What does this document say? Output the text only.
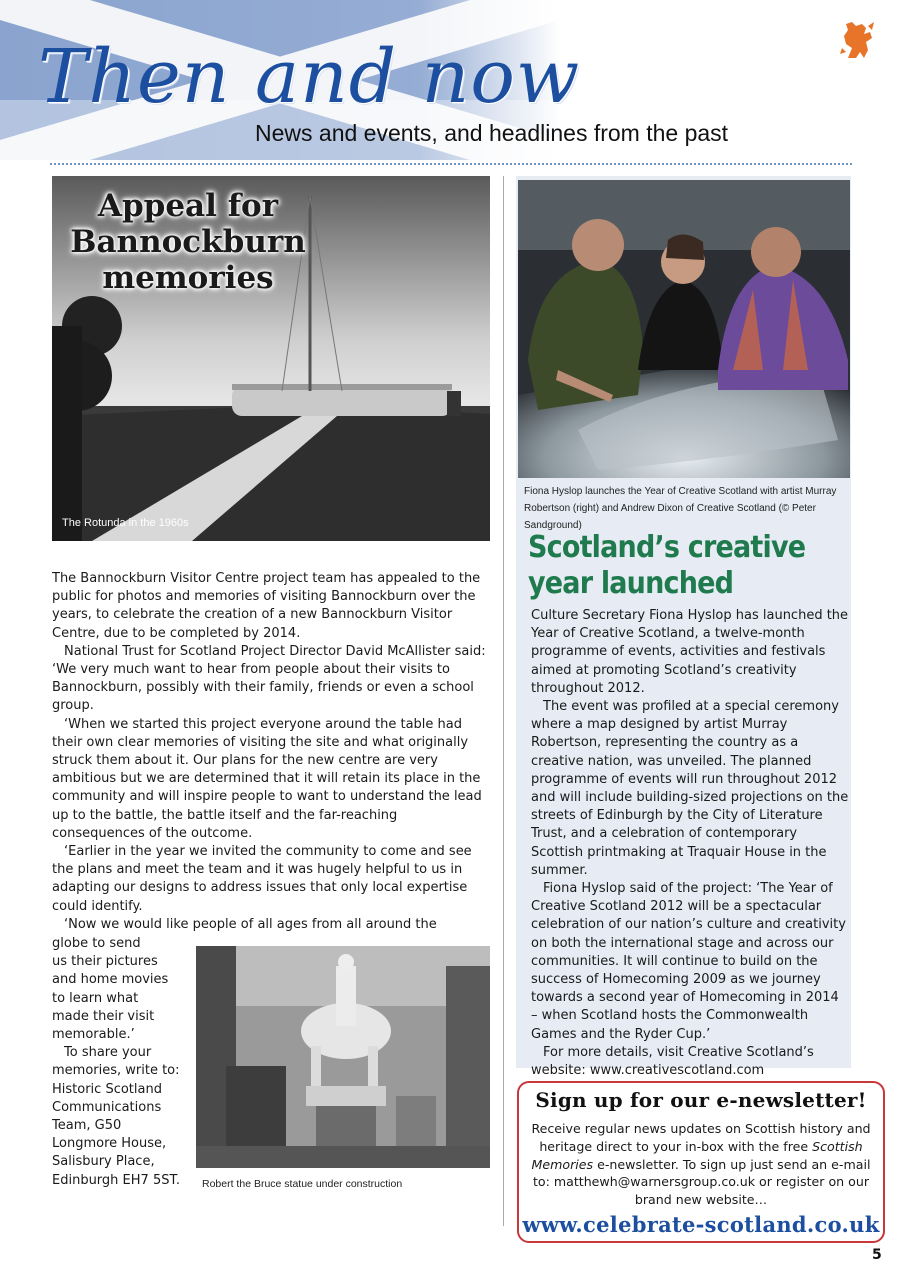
Then and now
News and events, and headlines from the past
Appeal for
Bannockburn
memories
The Rotunda in the 1960s

The Bannockburn Visitor Centre project team has appealed to the public for photos and memories of visiting Bannockburn over the years, to celebrate the creation of a new Bannockburn Visitor Centre, due to be completed by 2014.

National Trust for Scotland Project Director David McAllister said: ‘We very much want to hear from people about their visits to Bannockburn, possibly with their family, friends or even a school group.

‘When we started this project everyone around the table had their own clear memories of visiting the site and what originally struck them about it. Our plans for the new centre are very ambitious but we are determined that it will retain its place in the community and will inspire people to want to understand the lead up to the battle, the battle itself and the far-reaching consequences of the outcome.

‘Earlier in the year we invited the community to come and see the plans and meet the team and it was hugely helpful to us in adapting our designs to address issues that only local expertise could identify.

‘Now we would like people of all ages from all around the

globe to send
us their pictures
and home movies
to learn what
made their visit
memorable.’
To share your
memories, write to:
Historic Scotland
Communications
Team, G50
Longmore House,
Salisbury Place,
Edinburgh EH7 5ST.	Robert the Bruce statue under construction
Fiona Hyslop launches the Year of Creative Scotland with artist Murray Robertson (right) and Andrew Dixon of Creative Scotland (© Peter Sandground)
Scotland’s creative
year launched

Culture Secretary Fiona Hyslop has launched the Year of Creative Scotland, a twelve-month programme of events, activities and festivals aimed at promoting Scotland’s creativity throughout 2012.

The event was profiled at a special ceremony where a map designed by artist Murray Robertson, representing the country as a creative nation, was unveiled. The planned programme of events will run throughout 2012 and will include building-sized projections on the streets of Edinburgh by the City of Literature Trust, and a celebration of contemporary Scottish printmaking at Traquair House in the summer.

Fiona Hyslop said of the project: ‘The Year of Creative Scotland 2012 will be a spectacular celebration of our nation’s culture and creativity on both the international stage and across our communities. It will continue to build on the success of Homecoming 2009 as we journey towards a second year of Homecoming in 2014 – when Scotland hosts the Commonwealth Games and the Ryder Cup.’

For more details, visit Creative Scotland’s website: www.creativescotland.com

Sign up for our e-newsletter!
Receive regular news updates on Scottish history and heritage direct to your in-box with the free Scottish Memories e-newsletter. To sign up just send an e-mail to: matthewh@warnersgroup.co.uk or register on our brand new website…
www.celebrate-scotland.co.uk
5
